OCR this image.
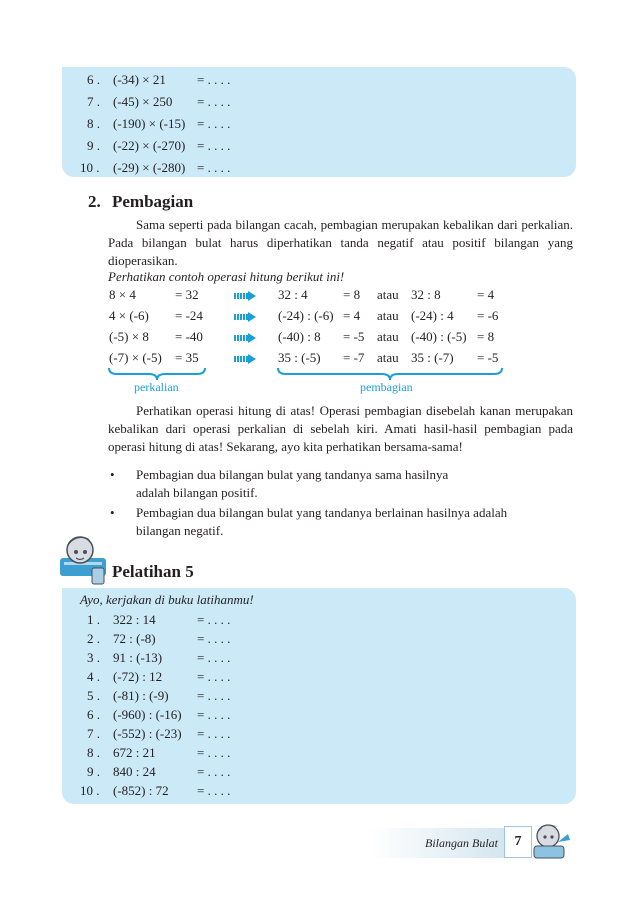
6 . (-34) × 21 = . . . .
7 . (-45) × 250 = . . . .
8 . (-190) × (-15) = . . . .
9 . (-22) × (-270) = . . . .
10 . (-29) × (-280) = . . . .
2. Pembagian
Sama seperti pada bilangan cacah, pembagian merupakan kebalikan dari perkalian. Pada bilangan bulat harus diperhatikan tanda negatif atau positif bilangan yang dioperasikan.
Perhatikan contoh operasi hitung berikut ini!
8 × 4	= 32	32 : 4	= 8 atau 32 : 8	= 4
4 × (-6) = -24	(-24) : (-6) = 4 atau (-24) : 4 = -6
(-5) × 8 = -40	(-40) : 8 = -5 atau (-40) : (-5) = 8
(-7) × (-5) = 35	35 : (-5) = -7 atau 35 : (-7) = -5
perkalian	pembagian
Perhatikan operasi hitung di atas! Operasi pembagian disebelah kanan merupakan kebalikan dari operasi perkalian di sebelah kiri. Amati hasil-hasil pembagian pada operasi hitung di atas! Sekarang, ayo kita perhatikan bersama-sama!
• Pembagian dua bilangan bulat yang tandanya sama hasilnya adalah bilangan positif.
• Pembagian dua bilangan bulat yang tandanya berlainan hasilnya adalah bilangan negatif.
Pelatihan 5
Ayo, kerjakan di buku latihanmu!
1 . 322 : 14	= . . . .
2 . 72 : (-8)	= . . . .
3 . 91 : (-13)	= . . . .
4 . (-72) : 12	= . . . .
5 . (-81) : (-9) = . . . .
6 . (-960) : (-16) = . . . .
7 . (-552) : (-23) = . . . .
8 . 672 : 21	= . . . .
9 . 840 : 24	= . . . .
10 . (-852) : 72 = . . . .
Bilangan Bulat	7
